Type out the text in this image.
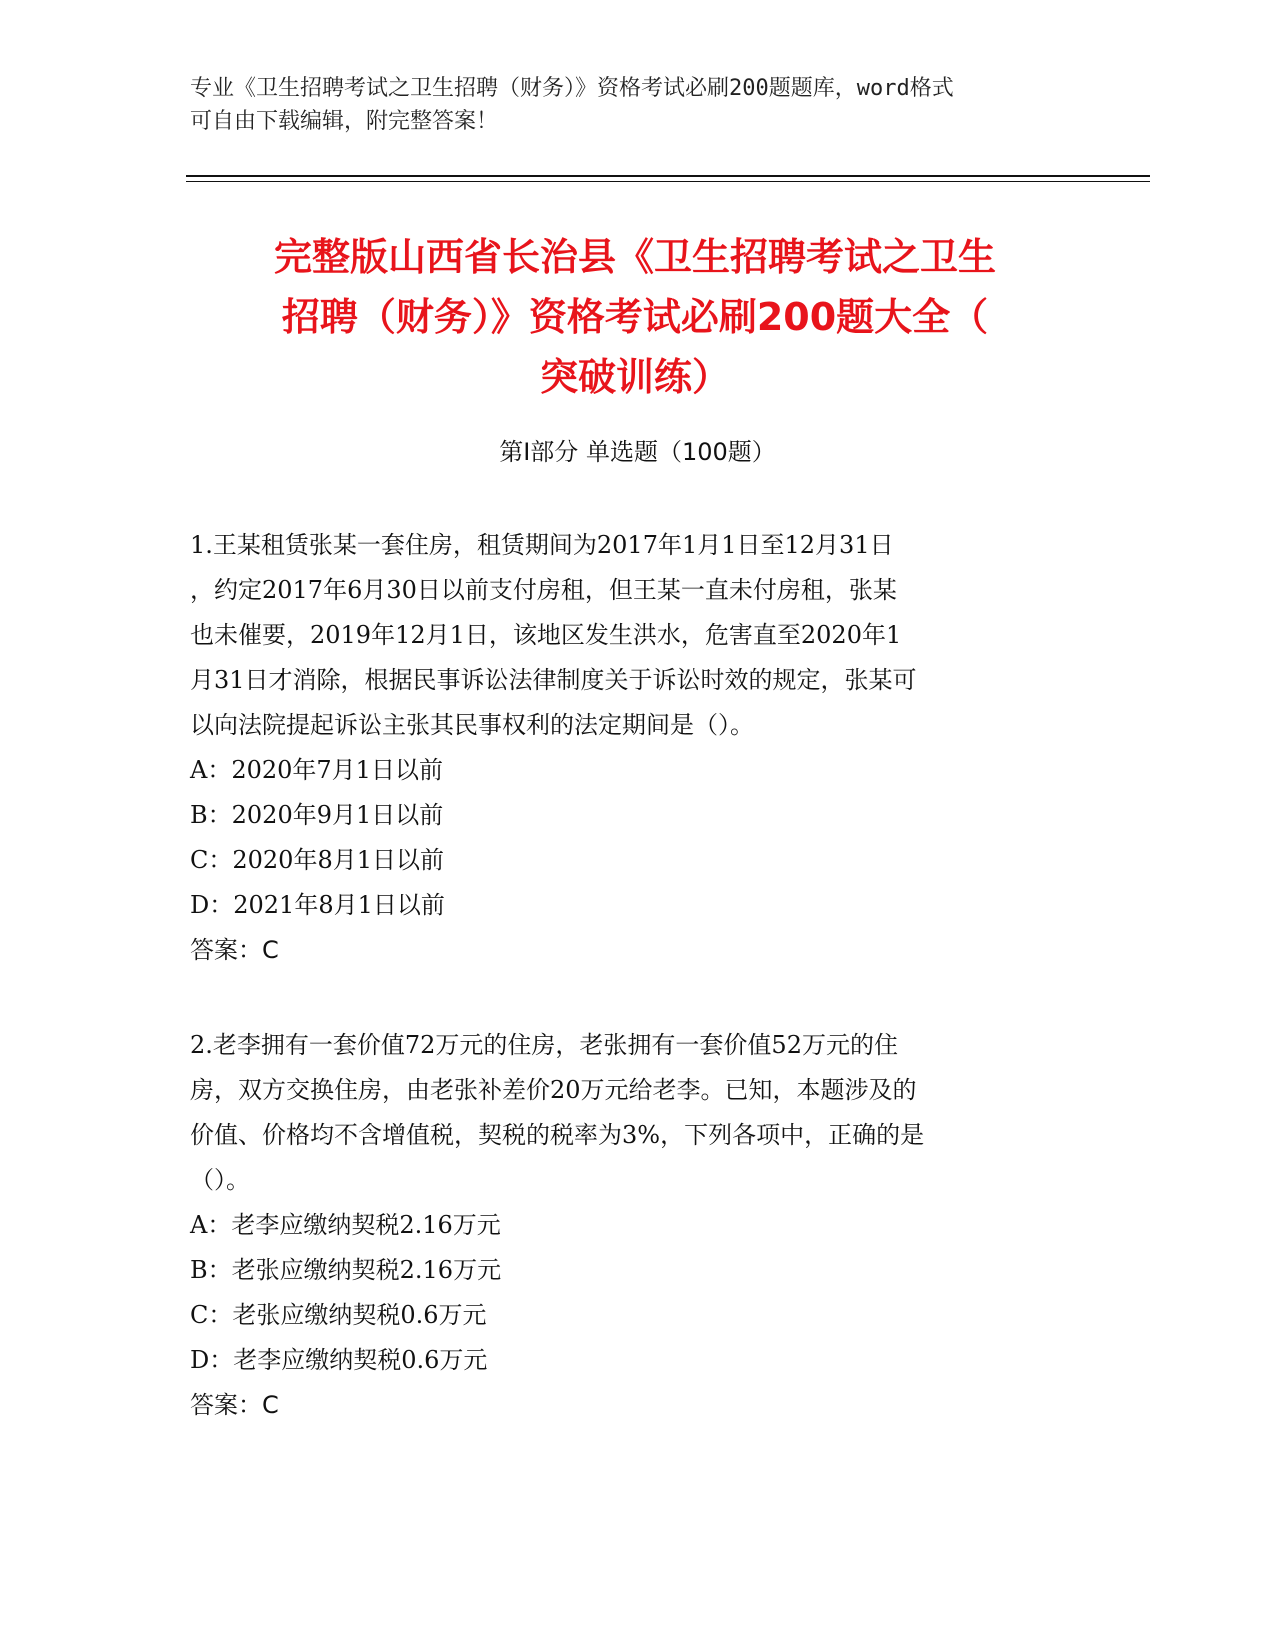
专业《卫生招聘考试之卫生招聘（财务）》资格考试必刷200题题库，word格式
可自由下载编辑，附完整答案！
完整版山西省长治县《卫生招聘考试之卫生
招聘（财务）》资格考试必刷200题大全（
突破训练）
第I部分 单选题（100题）
1.王某租赁张某一套住房，租赁期间为2017年1月1日至12月31日
，约定2017年6月30日以前支付房租，但王某一直未付房租，张某
也未催要，2019年12月1日，该地区发生洪水，危害直至2020年1
月31日才消除，根据民事诉讼法律制度关于诉讼时效的规定，张某可
以向法院提起诉讼主张其民事权利的法定期间是（）。
A：2020年7月1日以前
B：2020年9月1日以前
C：2020年8月1日以前
D：2021年8月1日以前
答案：C
2.老李拥有一套价值72万元的住房，老张拥有一套价值52万元的住
房，双方交换住房，由老张补差价20万元给老李。已知，本题涉及的
价值、价格均不含增值税，契税的税率为3%，下列各项中，正确的是
（）。
A：老李应缴纳契税2.16万元
B：老张应缴纳契税2.16万元
C：老张应缴纳契税0.6万元
D：老李应缴纳契税0.6万元
答案：C
